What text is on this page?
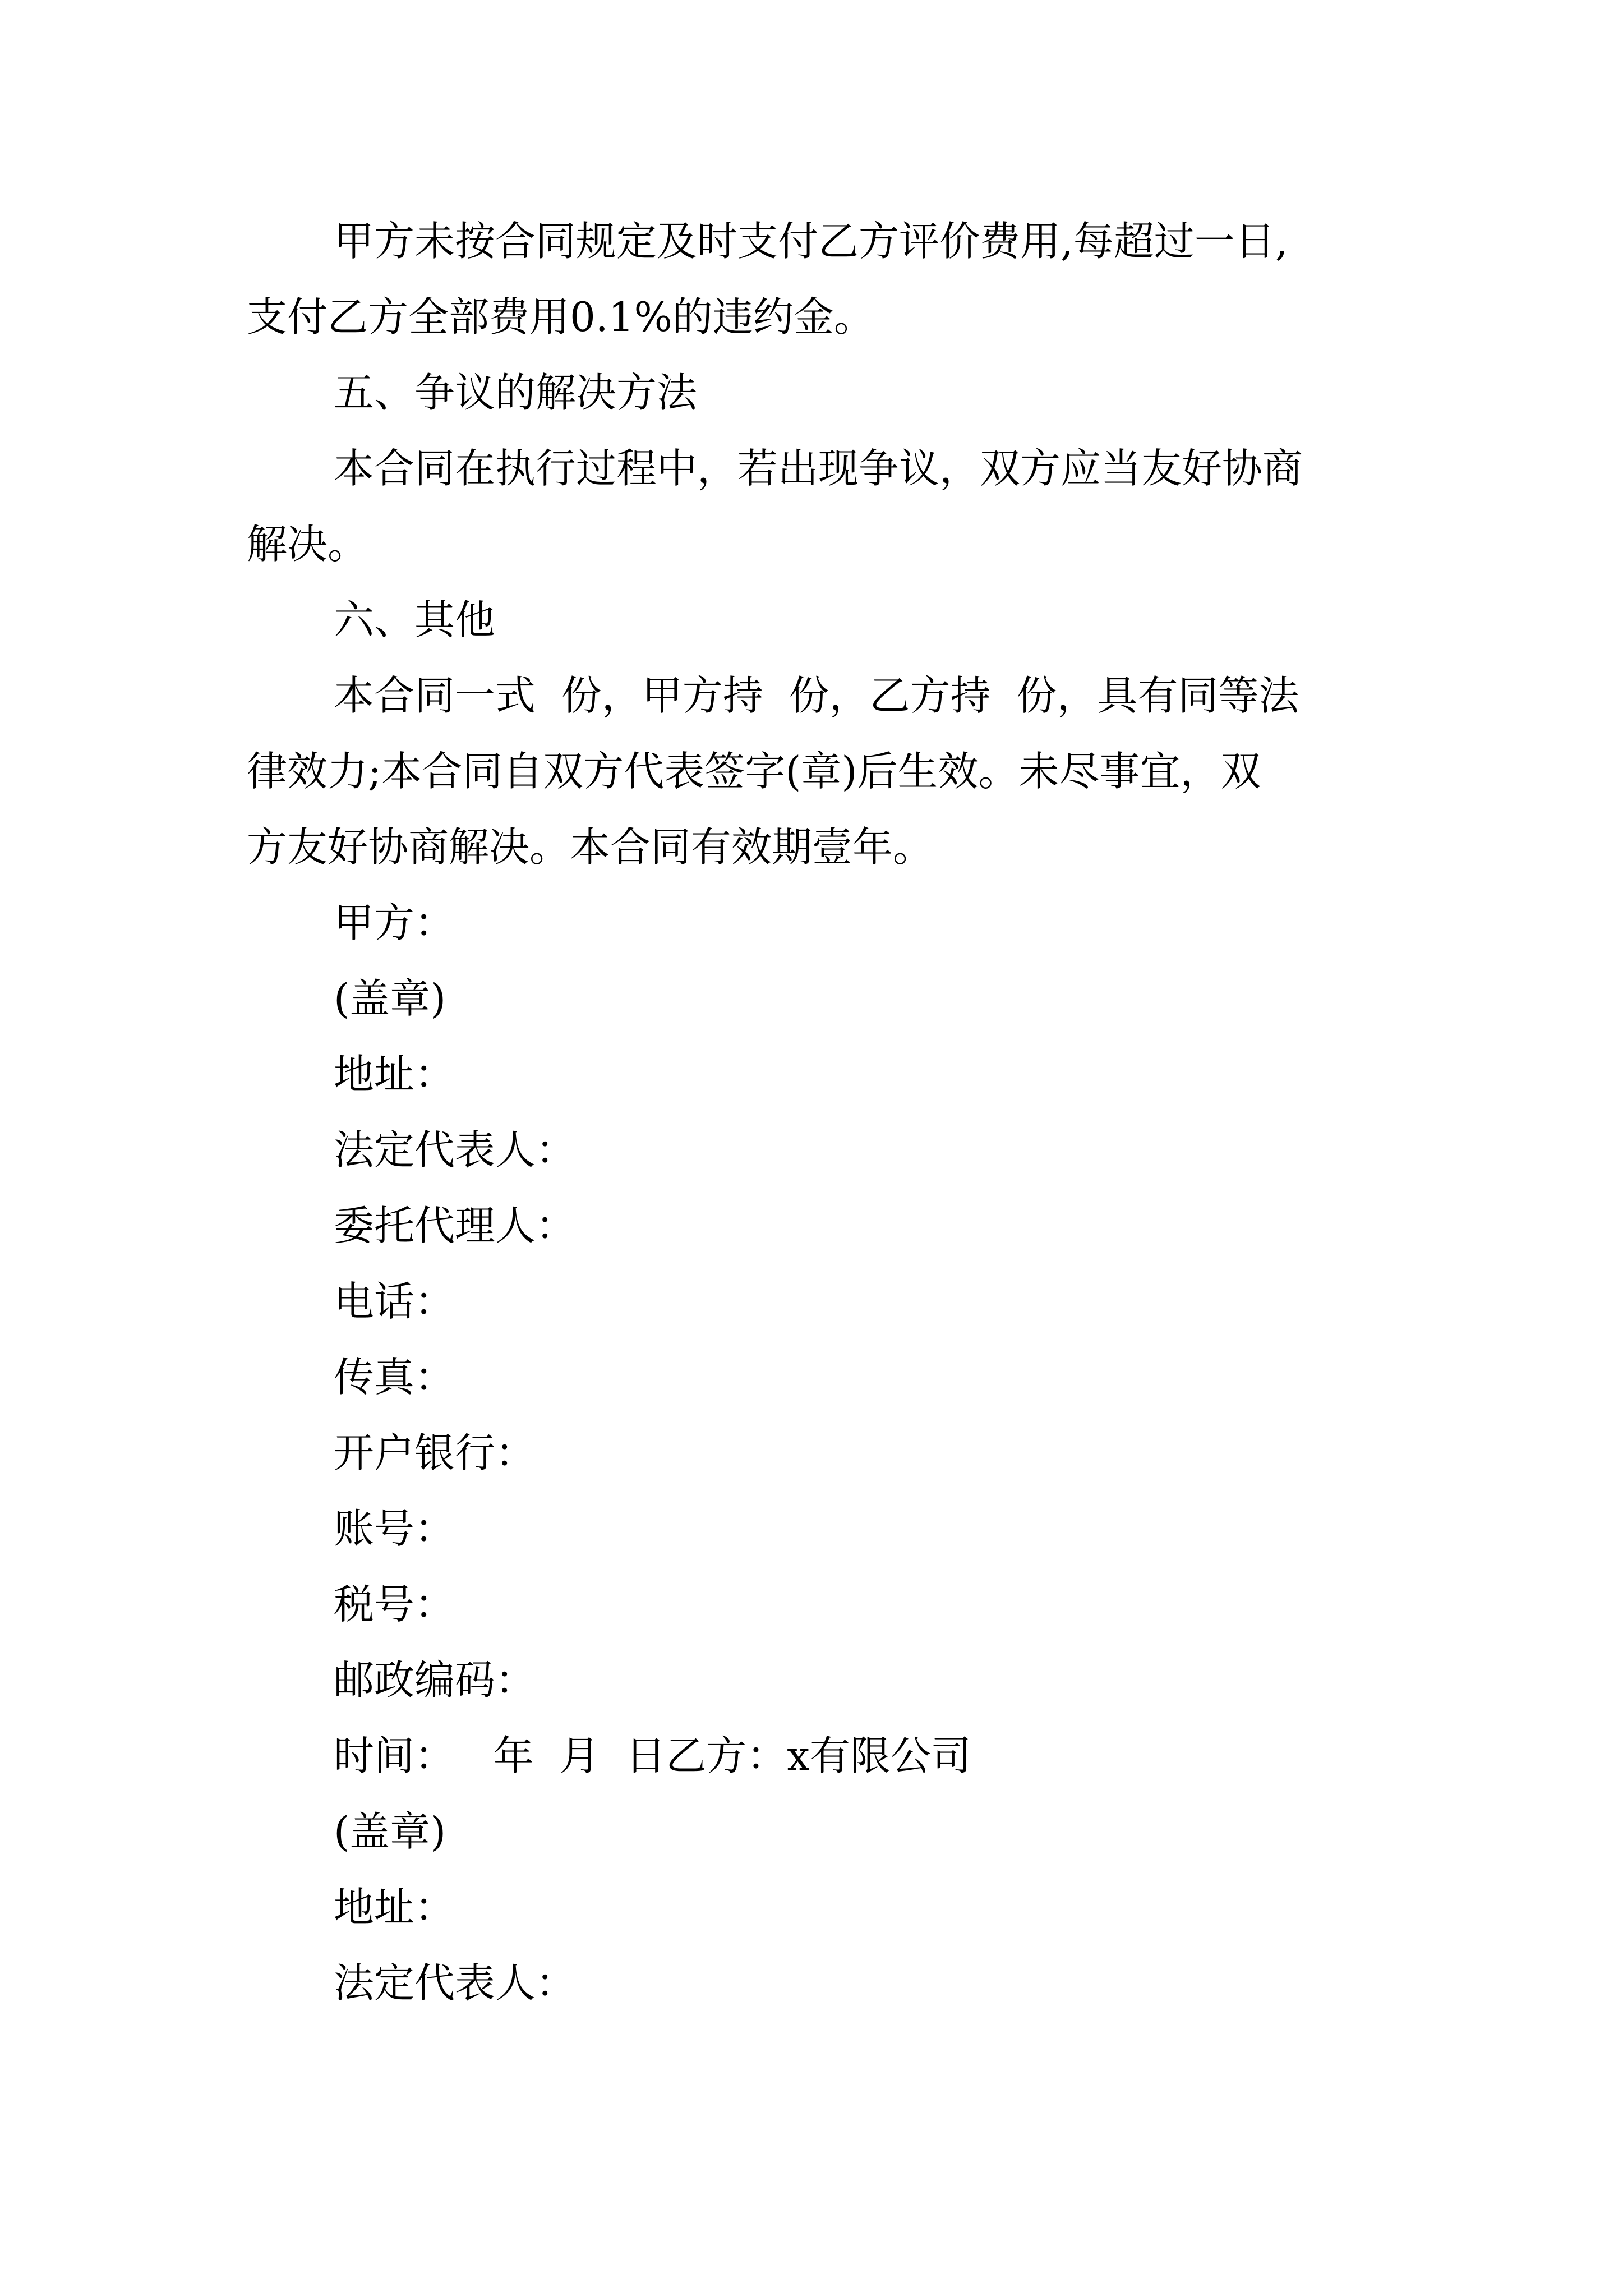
甲方未按合同规定及时支付乙方评价费用,每超过一日,
支付乙方全部费用0.1%的违约金。
五、争议的解决方法
本合同在执行过程中，若出现争议，双方应当友好协商
解决。
六、其他
本合同一式  份，甲方持  份，乙方持  份，具有同等法
律效力;本合同自双方代表签字(章)后生效。未尽事宜，双
方友好协商解决。本合同有效期壹年。
甲方：
(盖章)
地址：
法定代表人：
委托代理人：
电话：
传真：
开户银行：
账号：
税号：
邮政编码：
时间：   年  月  日乙方：x有限公司
(盖章)
地址：
法定代表人：
